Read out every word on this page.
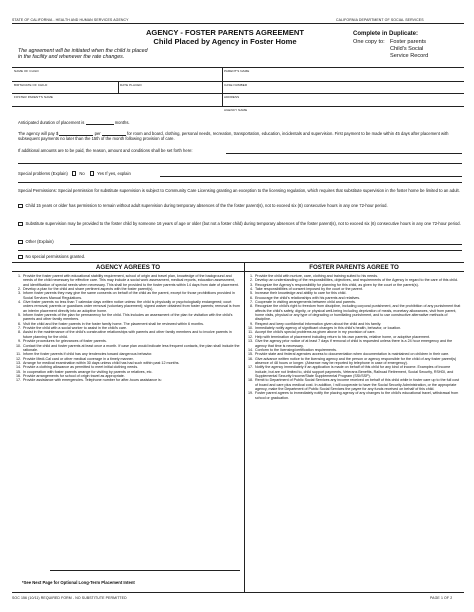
STATE OF CALIFORNIA - HEALTH AND HUMAN SERVICES AGENCY	CALIFORNIA DEPARTMENT OF SOCIAL SERVICES
AGENCY - FOSTER PARENTS AGREEMENT
Child Placed by Agency in Foster Home
The agreement will be initiated when the child is placed
in the facility and whenever the rate changes.
Complete in Duplicate:
One copy to: Foster parents
Child's Social
Service Record
NAME OF CHILD	PARENT'S NAME
BIRTHDATE OF CHILD	DATE PLACED	CASE NUMBER
FOSTER PARENT'S NAME	ADDRESS
AGENCY NAME
Anticipated duration of placement is	months.
The agency will pay $	per	for room and board, clothing, personal needs, recreation, transportation, education, incidentals and supervision. First payment to be made within 45 days after placement with subsequent payments no later than the 15th of the month following provision of care.
If additional amounts are to be paid, the reason, amount and conditions shall be set forth here:
Special problems (Explain)	No	Yes If yes, explain
Special Permissions: Special permission for substitute supervision is subject to Community Care Licensing granting an exception to the licensing regulation, which requires that substitute supervision in the foster home be limited to an adult.
Child 15 years or older has permission to remain without adult supervision during temporary absences of the the foster parent(s), not to exceed six (6) consecutive hours in any one 72-hour period.
Substitute supervision may be provided to the foster child by someone 16 years of age or older (but not a foster child) during temporary absences of the foster parent(s), not to exceed six (6) consecutive hours in any one 72-hour period.
Other (Explain)
No special permissions granted.
AGENCY AGREES TO	FOSTER PARENTS AGREE TO
1. Provide the foster parent with educational stability requirement, school of origin and travel plan, knowledge of the background and needs of the child necessary for effective care. This may include a social work assessment, medical reports, education assessment, and identification of special needs when necessary. This shall be provided to the foster parents within 14 days from date of placement.
2. Develop a plan for the child and share pertinent aspects with the foster parent(s).
3. Inform foster parents they may give the same consents on behalf of the child as the parent, except for those prohibitions provided in Social Services Manual Regulations.
4. Give foster parents no less than 7 calendar days written notice unless: the child is physically or psychologically endangered; court orders removal; parents or guardians order removal (voluntary placement); signed waiver obtained from foster parents; removal is from an interim placement directly into an adoptive home.
5. Inform foster parents of the plan for permanency for the child. This includes an assessment of the plan for visitation with the child's parents and other family members.
6. Visit the child and the foster parents in the foster family home. The placement shall be reviewed within 6 months.
7. Provide the child with a social worker to assist in the child's care.
8. Assist in the maintenance of the child's constructive relationships with parents and other family members and to involve parents in future planning for the child.
9. Provide procedures for grievances of foster parents.
10. Contact the child and foster parents at least once a month. If case plan would indicate less frequent contacts, the plan shall include the rationale.
11. Inform the foster parents if child has any tendencies toward dangerous behavior.
12. Provide Medi-Cal card or other medical coverage in a timely manner.
13. Arrange for medical examination within 30 days unless child has had such within past 12 months.
14. Provide a clothing allowance as permitted to meet initial clothing needs.
15. In cooperation with foster parents arrange for visiting by parents or relatives, etc.
16. Provide arrangements for school of origin travel as appropriate.
17. Provide assistance with emergencies. Telephone number for after-hours assistance is:
1. Provide the child with nurture, care, clothing and training suited to his needs.
2. Develop an understanding of the responsibilities, objectives, and requirements of the Agency in regard to the care of this child.
3. Recognize the Agency's responsibility for planning for this child, as given by the court or the parent(s).
4. Take responsibilities of consent imposed by the court or the parent.
5. Increase their knowledge and ability to care for this child.
6. Encourage the child's relationships with his parents and relatives.
7. Cooperate in visiting arrangements between child and parents.
8. Recognize the child's right to freedom from discipline, including corporal punishment, and the prohibition of any punishment that affects the child's safety, dignity, or physical well-being including deprivation of meals, monetary allowances, visit from parent, home visits, physical or any type of degrading or humiliating punishment, and to use constructive alternative methods of discipline.
9. Respect and keep confidential information given about the child and his family.
10. Immediately notify agency of significant changes in this child's health, behavior, or location.
11. Accept the child's special problems as given above in my provision of care.
12. Help with termination of placement including return to his own parents, relative home, or adoptive placement.
13. Give the agency prior notice of at least 7 days if removal of child is requested unless there is a 24 hour emergency and the agency that time is necessary.
14. Conform to the licensing/certification requirements.
15. Provide state and federal agencies access to documentation when documentation is maintained on children in their care.
16. Give advance written notice to the licensing agency and the person or agency responsible for the child of any foster parent(s) absence of 48 hours or longer. (Absence may be reported by telephone in case of emergency).
17. Notify the agency immediately if an application is made on behalf of this child for any kind of income. Examples of income include, but are not limited to, child support payments, Veterans Benefits, Railroad Retirement, Social Security, RSHDI, and Supplemental Security Income/State Supplemental Program (SSI/SSP).
18. Remit to Department of Public Social Services any income received on behalf of this child while in foster care up to the full cost of board and care plus medical cost. In addition, I will cooperate to have the Social Security Administration, or the appropriate agency, make the Department of Public Social Services the payee for any funds received on behalf of this child.
19. Foster parent agrees to immediately notify the placing agency of any changes to the child's educational travel, withdrawal from school or graduation.
*See Next Page for Optional Long-Term Placement Intent
SOC 156 (10/11) REQUIRED FORM - NO SUBSTITUTE PERMITTED	PAGE 1 OF 2
